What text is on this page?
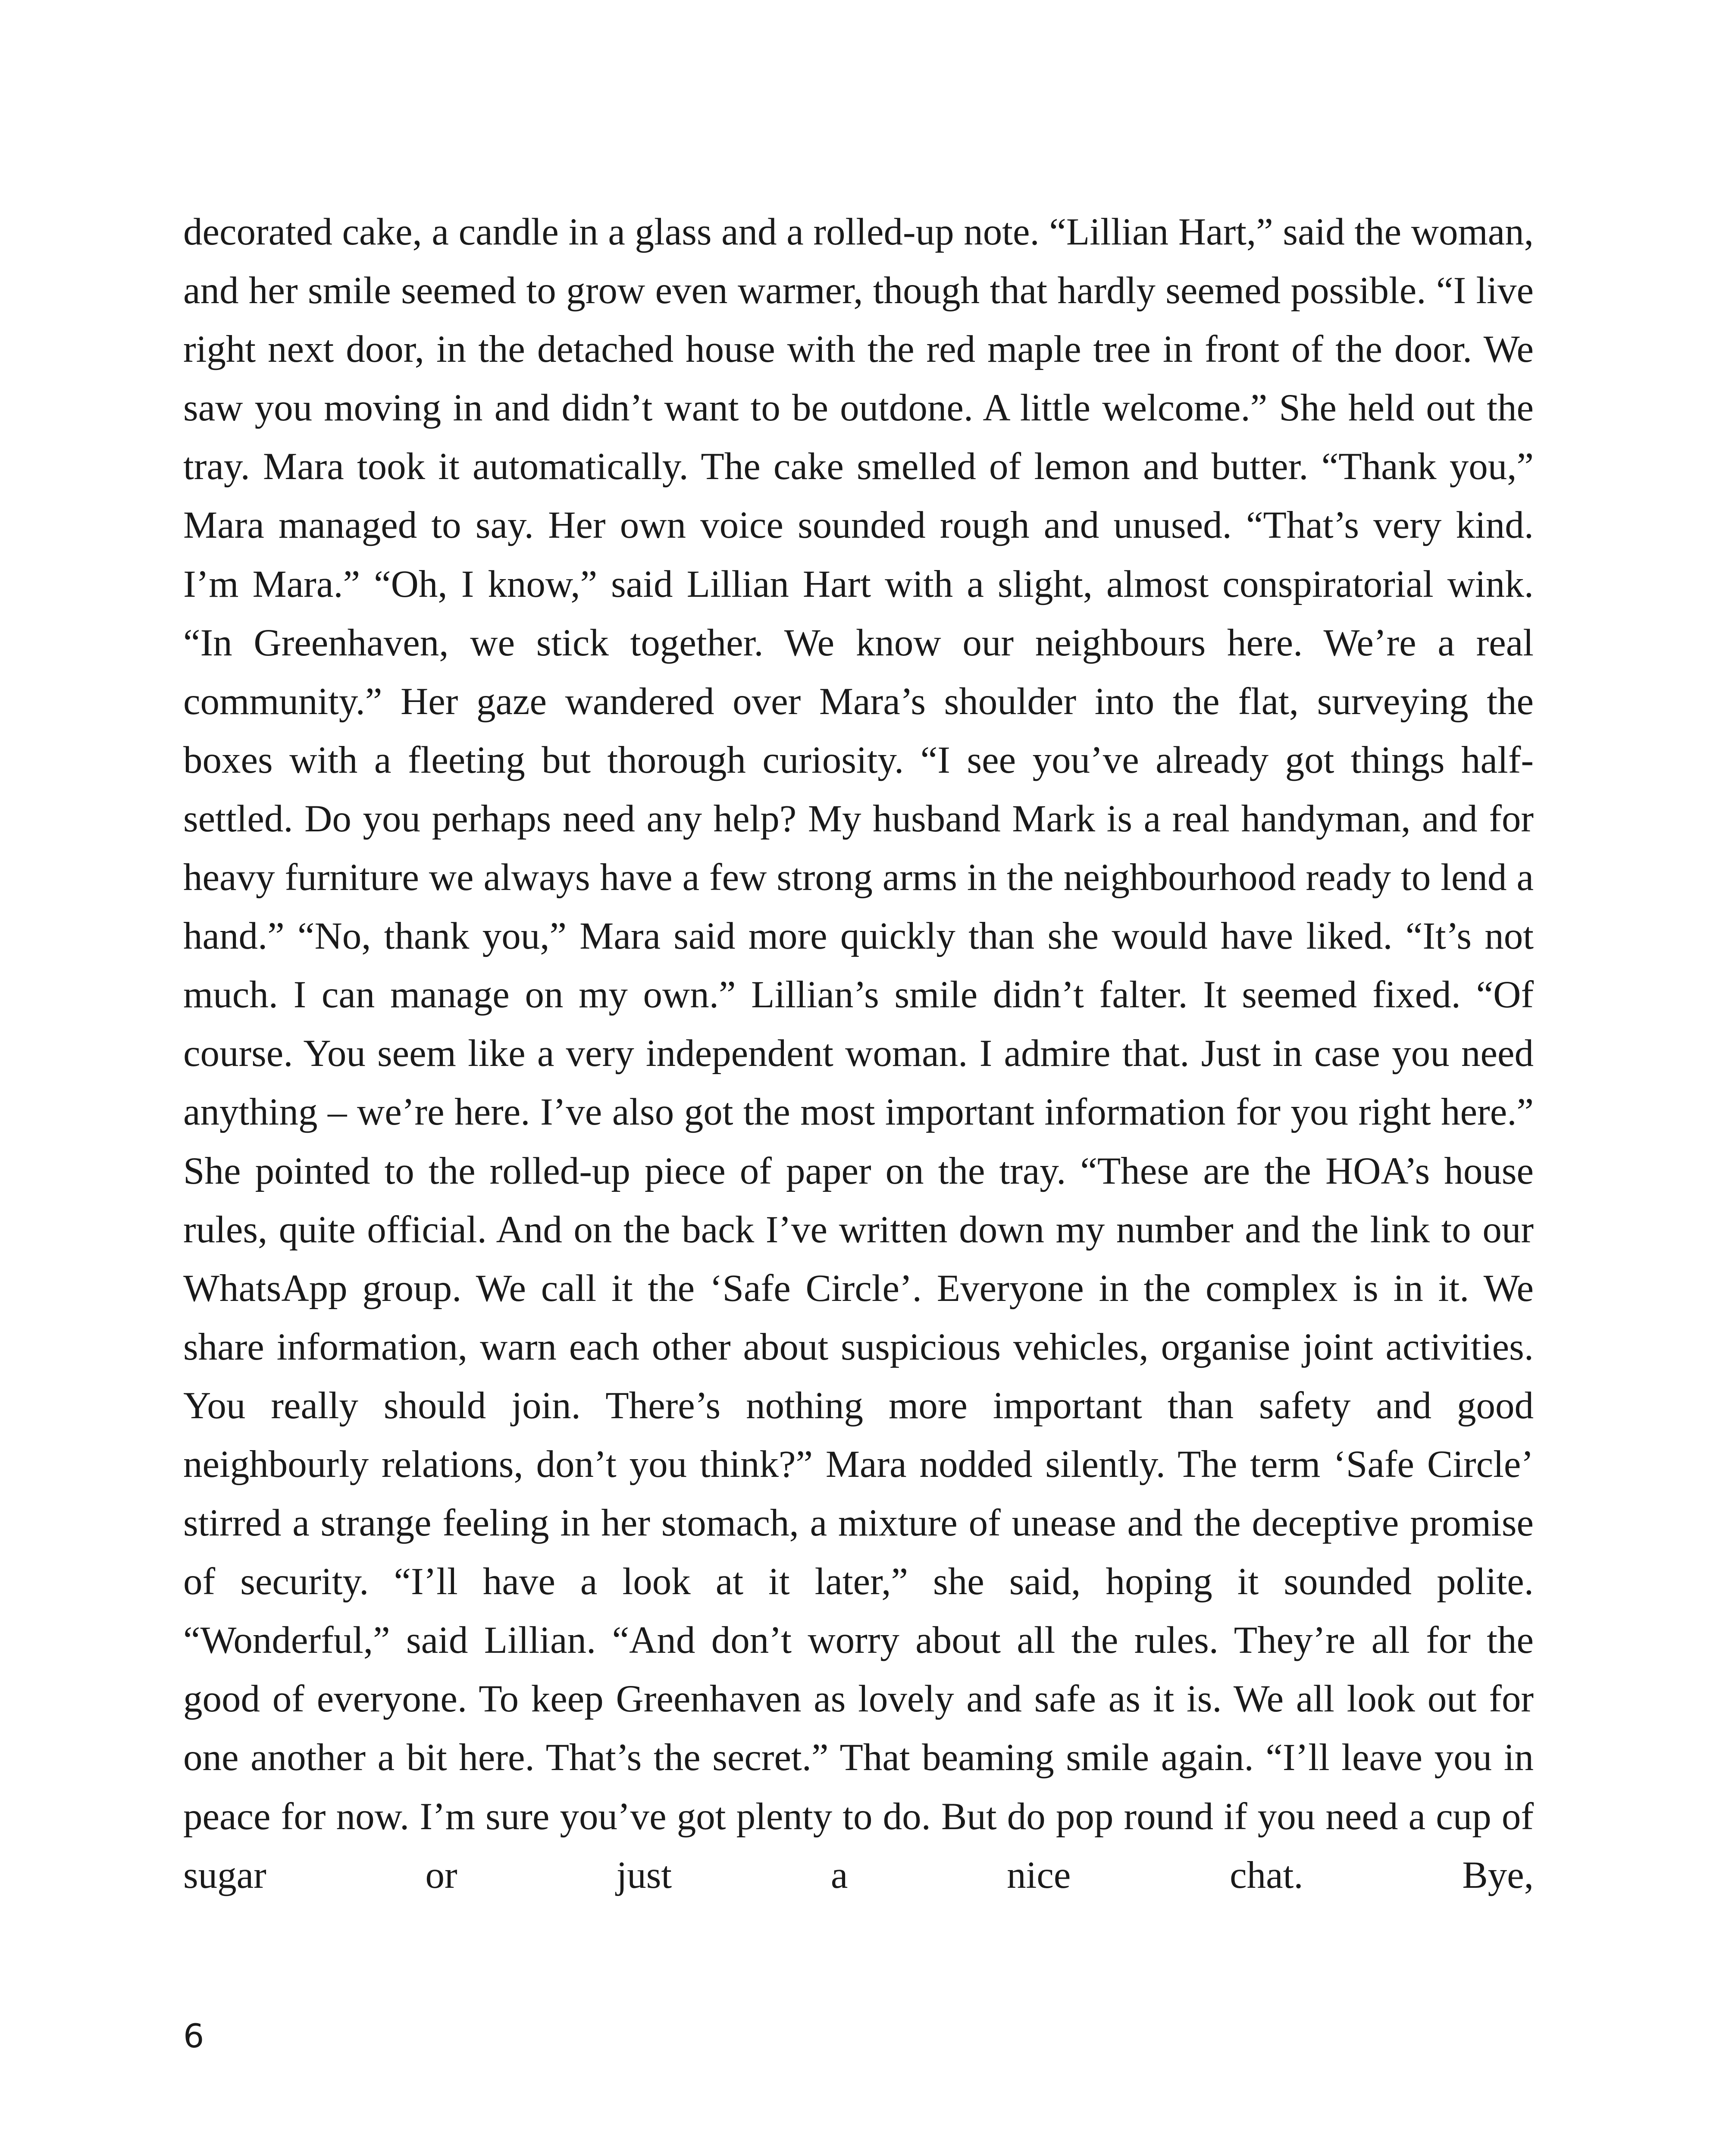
decorated cake, a candle in a glass and a rolled-up note. “Lillian Hart,” said the woman, and her smile seemed to grow even warmer, though that hardly seemed possible. “I live right next door, in the detached house with the red maple tree in front of the door. We saw you moving in and didn’t want to be outdone. A little welcome.” She held out the tray. Mara took it automatically. The cake smelled of lemon and butter. “Thank you,” Mara managed to say. Her own voice sounded rough and unused. “That’s very kind. I’m Mara.” “Oh, I know,” said Lillian Hart with a slight, almost conspiratorial wink. “In Greenhaven, we stick together. We know our neighbours here. We’re a real community.” Her gaze wandered over Mara’s shoulder into the flat, surveying the boxes with a fleeting but thorough curiosity. “I see you’ve already got things half-settled. Do you perhaps need any help? My husband Mark is a real handyman, and for heavy furniture we always have a few strong arms in the neighbourhood ready to lend a hand.” “No, thank you,” Mara said more quickly than she would have liked. “It’s not much. I can manage on my own.” Lillian’s smile didn’t falter. It seemed fixed. “Of course. You seem like a very independent woman. I admire that. Just in case you need anything – we’re here. I’ve also got the most important information for you right here.” She pointed to the rolled-up piece of paper on the tray. “These are the HOA’s house rules, quite official. And on the back I’ve written down my number and the link to our WhatsApp group. We call it the ‘Safe Circle’. Everyone in the complex is in it. We share information, warn each other about suspicious vehicles, organise joint activities. You really should join. There’s nothing more important than safety and good neighbourly relations, don’t you think?” Mara nodded silently. The term ‘Safe Circle’ stirred a strange feeling in her stomach, a mixture of unease and the deceptive promise of security. “I’ll have a look at it later,” she said, hoping it sounded polite. “Wonderful,” said Lillian. “And don’t worry about all the rules. They’re all for the good of everyone. To keep Greenhaven as lovely and safe as it is. We all look out for one another a bit here. That’s the secret.” That beaming smile again. “I’ll leave you in peace for now. I’m sure you’ve got plenty to do. But do pop round if you need a cup of sugar or just a nice chat. Bye,

6
